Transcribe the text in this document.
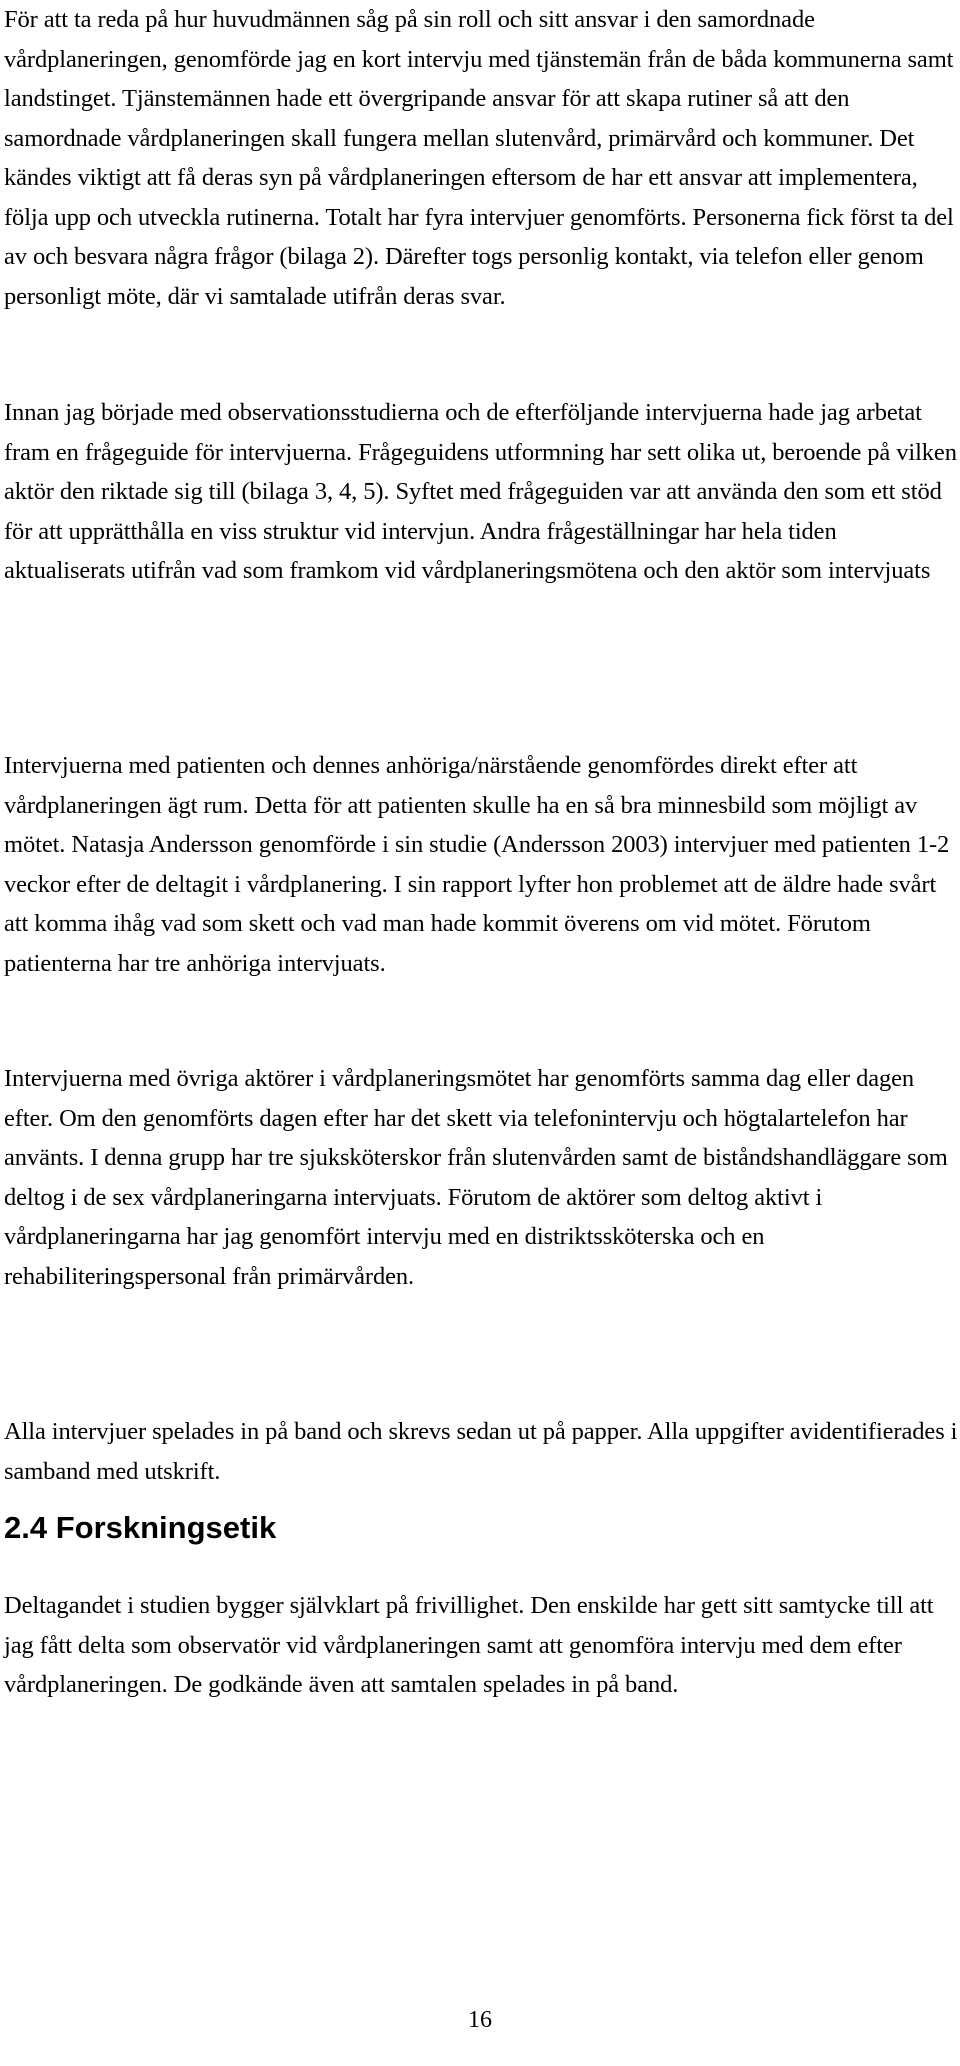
För att ta reda på hur huvudmännen såg på sin roll och sitt ansvar i den samordnade vårdplaneringen, genomförde jag en kort intervju med tjänstemän från de båda kommunerna samt landstinget. Tjänstemännen hade ett övergripande ansvar för att skapa rutiner så att den samordnade vårdplaneringen skall fungera mellan slutenvård, primärvård och kommuner. Det kändes viktigt att få deras syn på vårdplaneringen eftersom de har ett ansvar att implementera, följa upp och utveckla rutinerna. Totalt har fyra intervjuer genomförts. Personerna fick först ta del av och besvara några frågor (bilaga 2). Därefter togs personlig kontakt, via telefon eller genom personligt möte, där vi samtalade utifrån deras svar.

Innan jag började med observationsstudierna och de efterföljande intervjuerna hade jag arbetat fram en frågeguide för intervjuerna. Frågeguidens utformning har sett olika ut, beroende på vilken aktör den riktade sig till (bilaga 3, 4, 5). Syftet med frågeguiden var att använda den som ett stöd för att upprätthålla en viss struktur vid intervjun. Andra frågeställningar har hela tiden aktualiserats utifrån vad som framkom vid vårdplaneringsmötena och den aktör som intervjuats

Intervjuerna med patienten och dennes anhöriga/närstående genomfördes direkt efter att vårdplaneringen ägt rum. Detta för att patienten skulle ha en så bra minnesbild som möjligt av mötet. Natasja Andersson genomförde i sin studie (Andersson 2003) intervjuer med patienten 1-2 veckor efter de deltagit i vårdplanering. I sin rapport lyfter hon problemet att de äldre hade svårt att komma ihåg vad som skett och vad man hade kommit överens om vid mötet. Förutom patienterna har tre anhöriga intervjuats.

Intervjuerna med övriga aktörer i vårdplaneringsmötet har genomförts samma dag eller dagen efter. Om den genomförts dagen efter har det skett via telefonintervju och högtalartelefon har använts. I denna grupp har tre sjuksköterskor från slutenvården samt de biståndshandläggare som deltog i de sex vårdplaneringarna intervjuats. Förutom de aktörer som deltog aktivt i vårdplaneringarna har jag genomfört intervju med en distriktssköterska och en rehabiliteringspersonal från primärvården.

Alla intervjuer spelades in på band och skrevs sedan ut på papper. Alla uppgifter avidentifierades i samband med utskrift.

2.4 Forskningsetik

Deltagandet i studien bygger självklart på frivillighet. Den enskilde har gett sitt samtycke till att jag fått delta som observatör vid vårdplaneringen samt att genomföra intervju med dem efter vårdplaneringen. De godkände även att samtalen spelades in på band.

16
